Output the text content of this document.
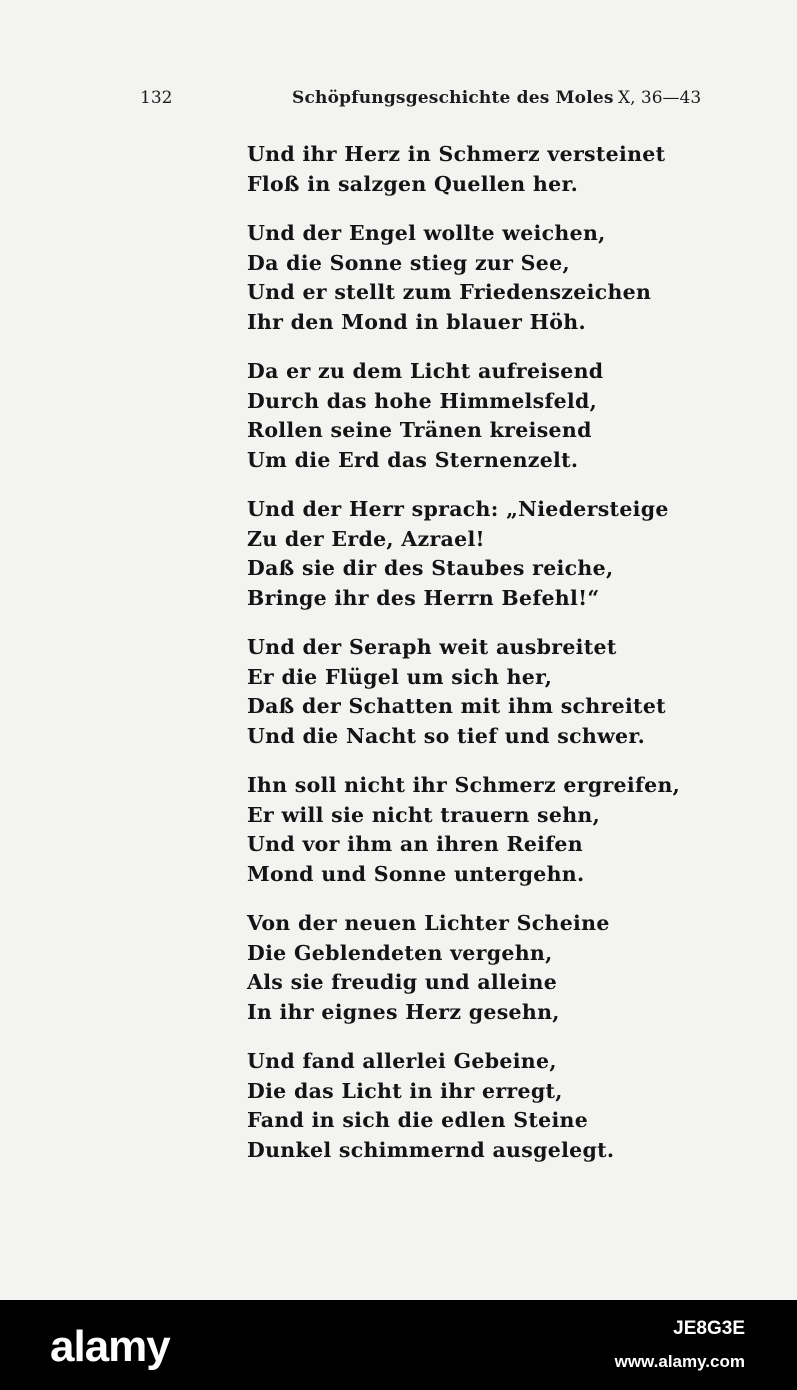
132	Schöpfungsgeschichte des Moles X, 36—43
Und ihr Herz in Schmerz versteinet
Floß in salzgen Quellen her.
Und der Engel wollte weichen,
Da die Sonne stieg zur See,
Und er stellt zum Friedenszeichen
Ihr den Mond in blauer Höh.
Da er zu dem Licht aufreisend
Durch das hohe Himmelsfeld,
Rollen seine Tränen kreisend
Um die Erd das Sternenzelt.
Und der Herr sprach: „Niedersteige
Zu der Erde, Azrael!
Daß sie dir des Staubes reiche,
Bringe ihr des Herrn Befehl!“
Und der Seraph weit ausbreitet
Er die Flügel um sich her,
Daß der Schatten mit ihm schreitet
Und die Nacht so tief und schwer.
Ihn soll nicht ihr Schmerz ergreifen,
Er will sie nicht trauern sehn,
Und vor ihm an ihren Reifen
Mond und Sonne untergehn.
Von der neuen Lichter Scheine
Die Geblendeten vergehn,
Als sie freudig und alleine
In ihr eignes Herz gesehn,
Und fand allerlei Gebeine,
Die das Licht in ihr erregt,
Fand in sich die edlen Steine
Dunkel schimmernd ausgelegt.
alamy	JE8G3E
www.alamy.com
